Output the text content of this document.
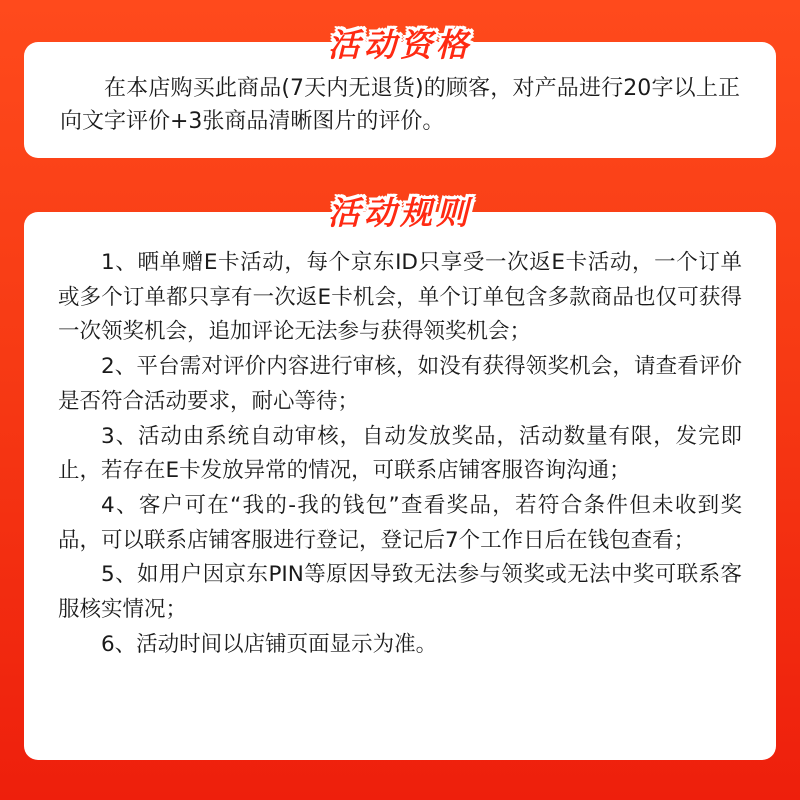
活动资格

在本店购买此商品(7天内无退货)的顾客，对产品进行20字以上正向文字评价+3张商品清晰图片的评价。

活动规则

1、晒单赠E卡活动，每个京东ID只享受一次返E卡活动，一个订单或多个订单都只享有一次返E卡机会，单个订单包含多款商品也仅可获得一次领奖机会，追加评论无法参与获得领奖机会；

2、平台需对评价内容进行审核，如没有获得领奖机会，请查看评价是否符合活动要求，耐心等待；

3、活动由系统自动审核，自动发放奖品，活动数量有限，发完即止，若存在E卡发放异常的情况，可联系店铺客服咨询沟通；

4、客户可在“我的-我的钱包”查看奖品，若符合条件但未收到奖品，可以联系店铺客服进行登记，登记后7个工作日后在钱包查看；

5、如用户因京东PIN等原因导致无法参与领奖或无法中奖可联系客服核实情况；

6、活动时间以店铺页面显示为准。
